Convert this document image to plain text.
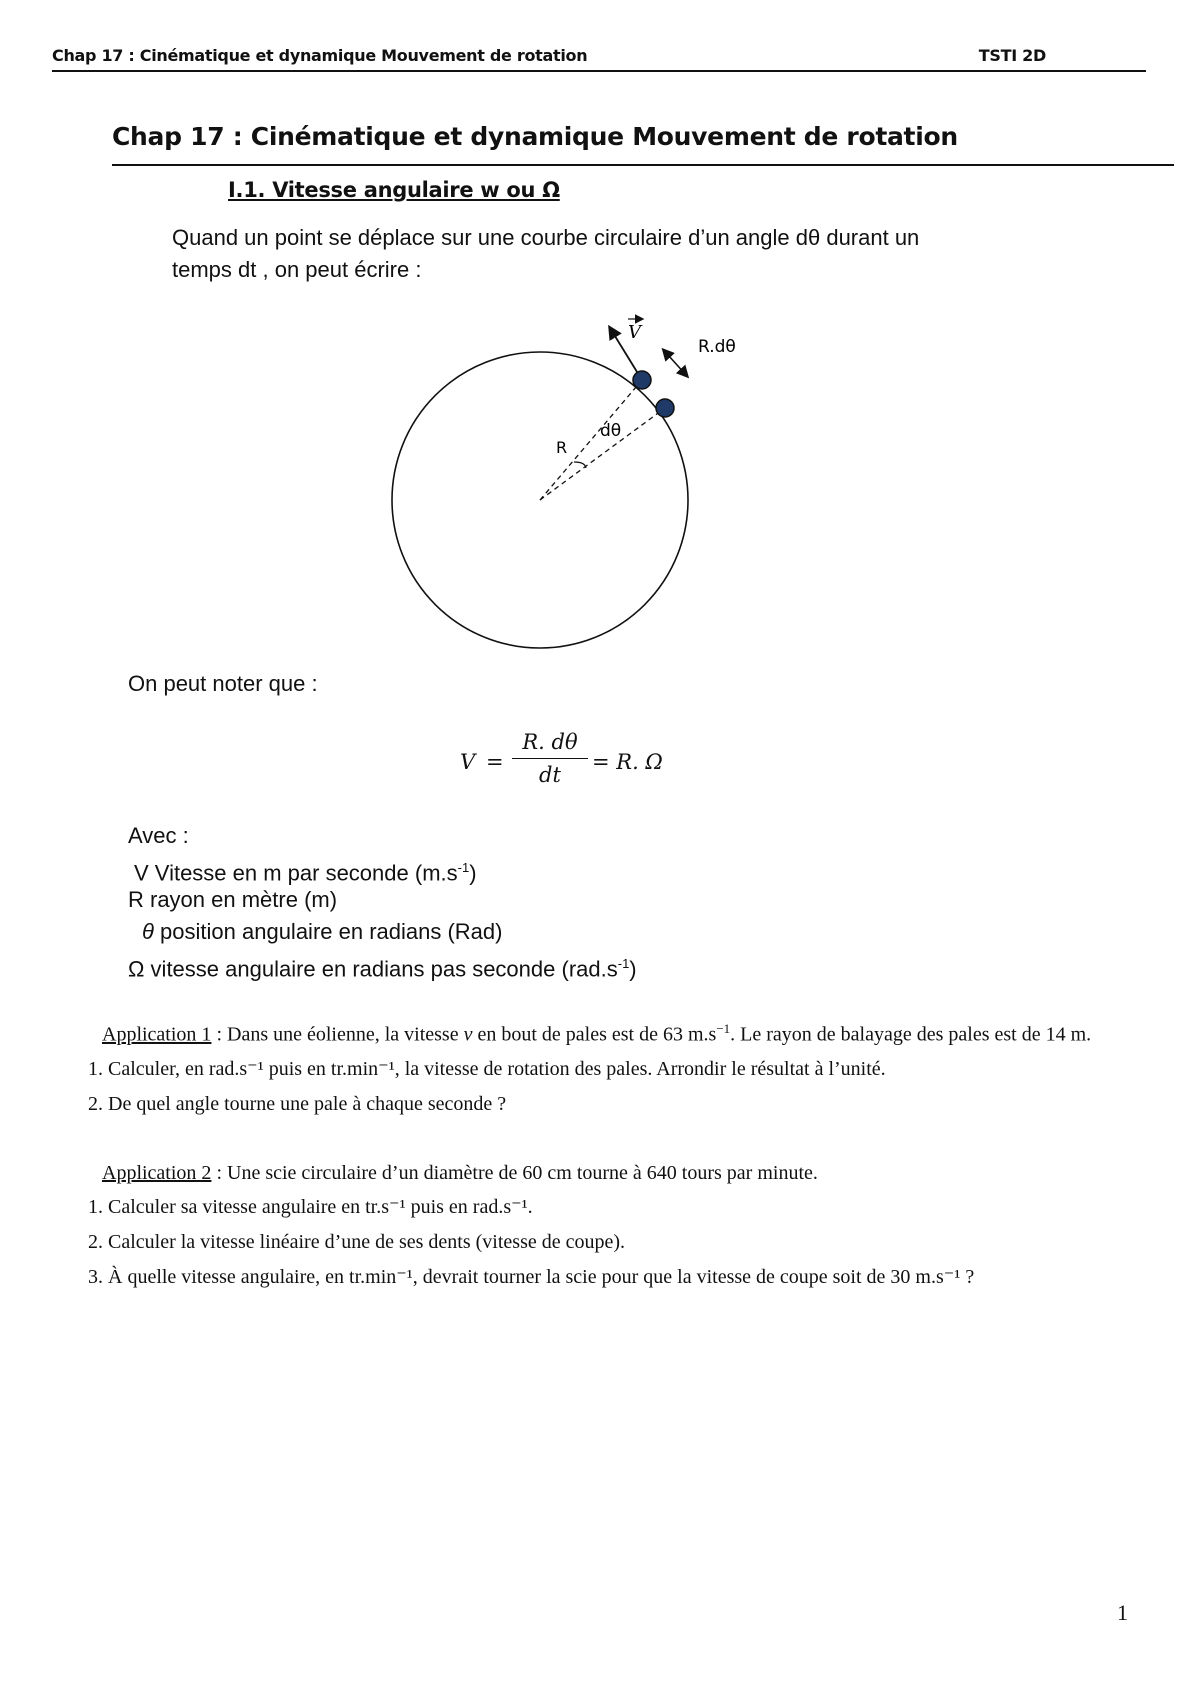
Chap 17 : Cinématique et dynamique Mouvement de rotation	TSTI 2D
Chap 17 : Cinématique et dynamique Mouvement de rotation
I.1. Vitesse angulaire w ou Ω
Quand un point se déplace sur une courbe circulaire d’un angle dθ durant un
temps dt , on peut écrire :
V
R.dθ
dθ
R
On peut noter que :
V =
R. dθ
dt
= R. Ω
Avec :
V Vitesse en m par seconde $(m.s^{-1})$
R rayon en mètre (m)
θ position angulaire en radians (Rad)
Ω vitesse angulaire en radians pas seconde $(rad.s^{-1})$
Application 1 : Dans une éolienne, la vitesse v en bout de pales est de 63 $m.s^{-1}$. Le rayon de balayage des pales est de 14 m.
1. Calculer, en rad.s⁻¹ puis en tr.min⁻¹, la vitesse de rotation des pales. Arrondir le résultat à l’unité.
2. De quel angle tourne une pale à chaque seconde ?
Application 2 : Une scie circulaire d’un diamètre de 60 cm tourne à 640 tours par minute.
1. Calculer sa vitesse angulaire en tr.s⁻¹ puis en rad.s⁻¹.
2. Calculer la vitesse linéaire d’une de ses dents (vitesse de coupe).
3. À quelle vitesse angulaire, en tr.min⁻¹, devrait tourner la scie pour que la vitesse de coupe soit de 30 m.s⁻¹ ?
1
